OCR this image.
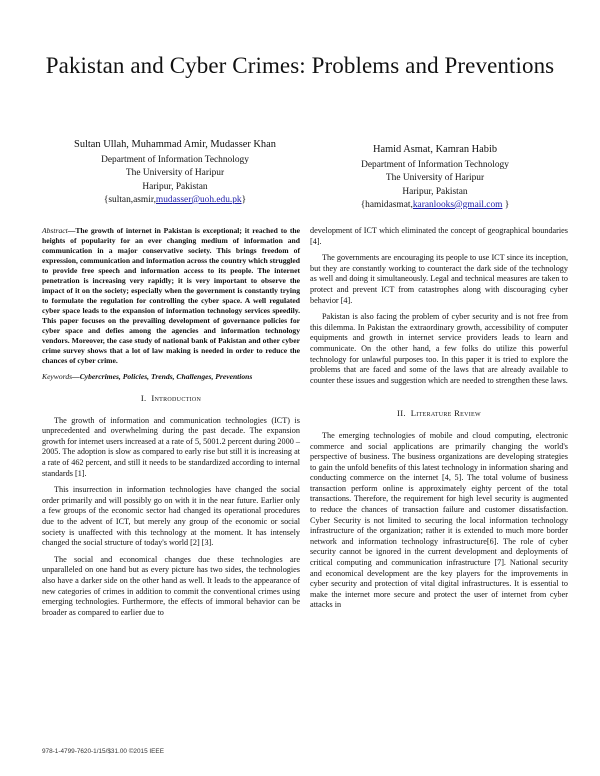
Pakistan and Cyber Crimes: Problems and Preventions
Sultan Ullah, Muhammad Amir, Mudasser Khan
Department of Information Technology
The University of Haripur
Haripur, Pakistan
{sultan,asmir,mudasser@uoh.edu.pk}
Hamid Asmat, Kamran Habib
Department of Information Technology
The University of Haripur
Haripur, Pakistan
{hamidasmat,karanlooks@gmail.com }
Abstract—The growth of internet in Pakistan is exceptional; it reached to the heights of popularity for an ever changing medium of information and communication in a major conservative society. This brings freedom of expression, communication and information across the country which struggled to provide free speech and information access to its people. The internet penetration is increasing very rapidly; it is very important to observe the impact of it on the society; especially when the government is constantly trying to formulate the regulation for controlling the cyber space. A well regulated cyber space leads to the expansion of information technology services speedily. This paper focuses on the prevailing development of governance policies for cyber space and defies among the agencies and information technology vendors. Moreover, the case study of national bank of Pakistan and other cyber crime survey shows that a lot of law making is needed in order to reduce the chances of cyber crime.
Keywords—Cybercrimes, Policies, Trends, Challenges, Preventions
I. Introduction

The growth of information and communication technologies (ICT) is unprecedented and overwhelming during the past decade. The expansion growth for internet users increased at a rate of 5, 5001.2 percent during 2000 – 2005. The adoption is slow as compared to early rise but still it is increasing at a rate of 462 percent, and still it needs to be standardized according to internal standards [1].

This insurrection in information technologies have changed the social order primarily and will possibly go on with it in the near future. Earlier only a few groups of the economic sector had changed its operational procedures due to the advent of ICT, but merely any group of the economic or social society is unaffected with this technology at the moment. It has intensely changed the social structure of today's world [2] [3].

The social and economical changes due these technologies are unparalleled on one hand but as every picture has two sides, the technologies also have a darker side on the other hand as well. It leads to the appearance of new categories of crimes in addition to commit the conventional crimes using emerging technologies. Furthermore, the effects of immoral behavior can be broader as compared to earlier due to

development of ICT which eliminated the concept of geographical boundaries [4].

The governments are encouraging its people to use ICT since its inception, but they are constantly working to counteract the dark side of the technology as well and doing it simultaneously. Legal and technical measures are taken to protect and prevent ICT from catastrophes along with discouraging cyber behavior [4].

Pakistan is also facing the problem of cyber security and is not free from this dilemma. In Pakistan the extraordinary growth, accessibility of computer equipments and growth in internet service providers leads to learn and communicate. On the other hand, a few folks do utilize this powerful technology for unlawful purposes too. In this paper it is tried to explore the problems that are faced and some of the laws that are already available to counter these issues and suggestion which are needed to strengthen these laws.

II. Literature Review

The emerging technologies of mobile and cloud computing, electronic commerce and social applications are primarily changing the world's perspective of business. The business organizations are developing strategies to gain the unfold benefits of this latest technology in information sharing and conducting commerce on the internet [4, 5]. The total volume of business transaction perform online is approximately eighty percent of the total transactions. Therefore, the requirement for high level security is augmented to reduce the chances of transaction failure and customer dissatisfaction. Cyber Security is not limited to securing the local information technology infrastructure of the organization; rather it is extended to much more border network and information technology infrastructure[6]. The role of cyber security cannot be ignored in the current development and deployments of critical computing and communication infrastructure [7]. National security and economical development are the key players for the improvements in cyber security and protection of vital digital infrastructures. It is essential to make the internet more secure and protect the user of internet from cyber attacks in

978-1-4799-7620-1/15/$31.00 ©2015 IEEE
